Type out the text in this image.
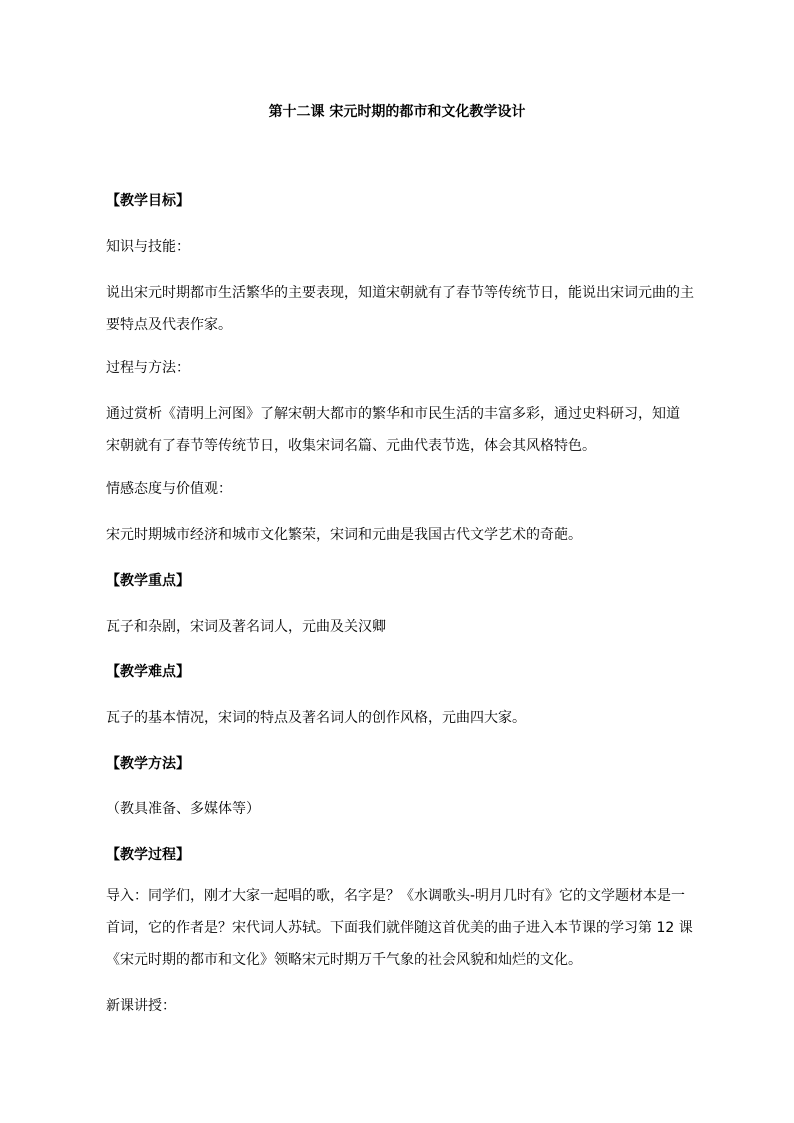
第十二课 宋元时期的都市和文化教学设计
【教学目标】
知识与技能：
说出宋元时期都市生活繁华的主要表现，知道宋朝就有了春节等传统节日，能说出宋词元曲的主
要特点及代表作家。
过程与方法：
通过赏析《清明上河图》了解宋朝大都市的繁华和市民生活的丰富多彩，通过史料研习，知道
宋朝就有了春节等传统节日，收集宋词名篇、元曲代表节选，体会其风格特色。
情感态度与价值观：
宋元时期城市经济和城市文化繁荣，宋词和元曲是我国古代文学艺术的奇葩。
【教学重点】
瓦子和杂剧，宋词及著名词人，元曲及关汉卿
【教学难点】
瓦子的基本情况，宋词的特点及著名词人的创作风格，元曲四大家。
【教学方法】
（教具准备、多媒体等）
【教学过程】
导入：同学们，刚才大家一起唱的歌，名字是？《水调歌头-明月几时有》它的文学题材本是一
首词，它的作者是？宋代词人苏轼。下面我们就伴随这首优美的曲子进入本节课的学习第 12 课
《宋元时期的都市和文化》领略宋元时期万千气象的社会风貌和灿烂的文化。
新课讲授：
